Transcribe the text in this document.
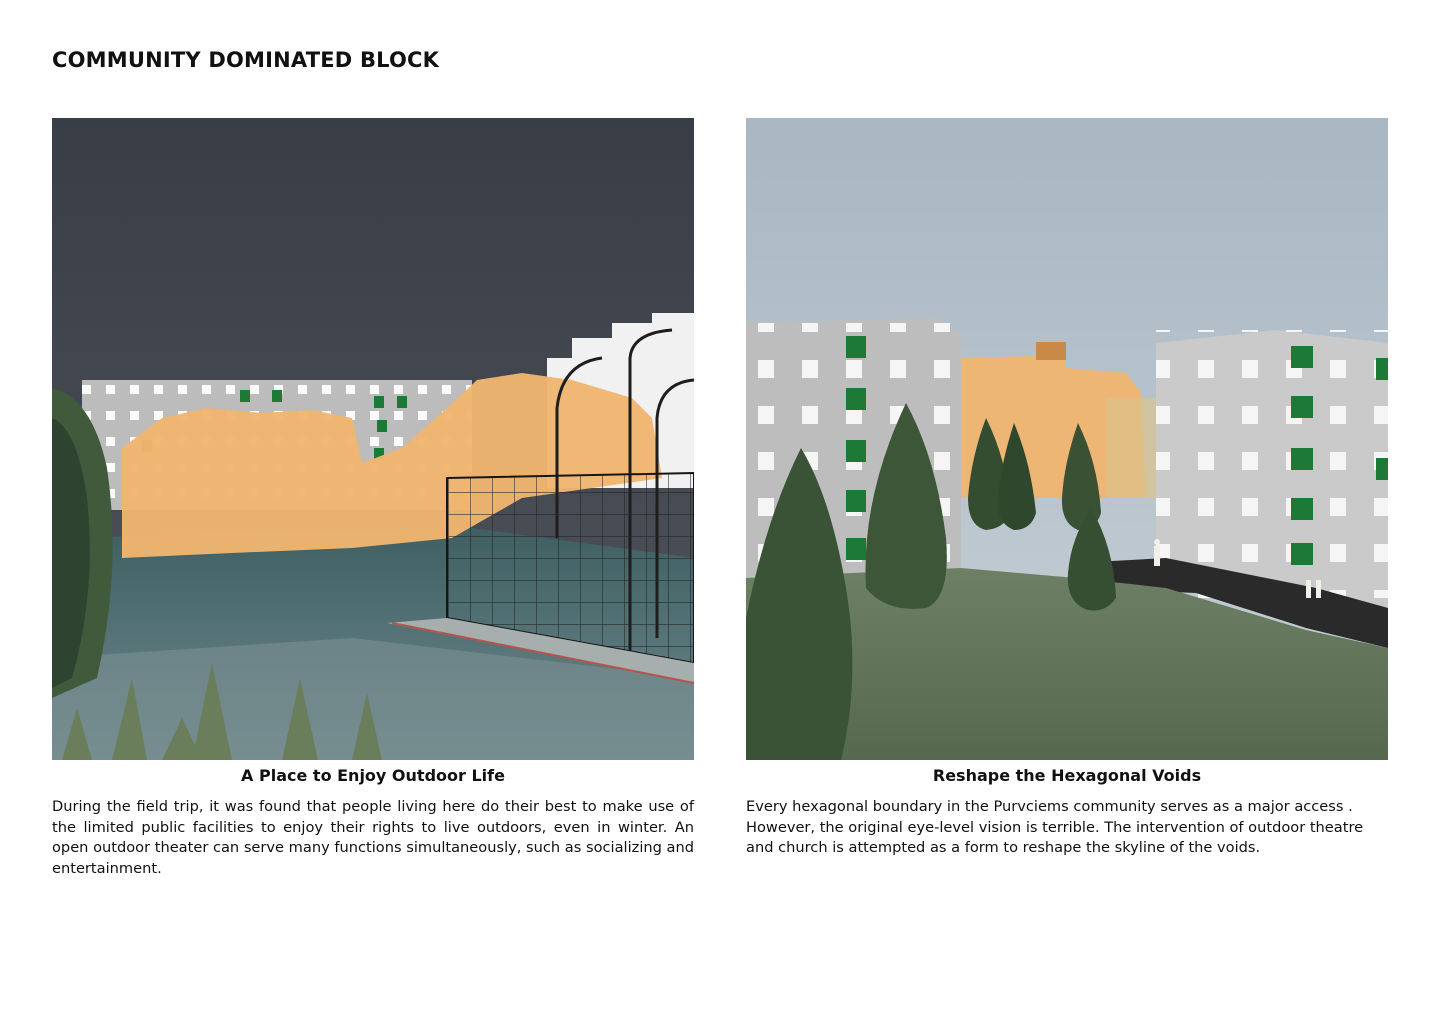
COMMUNITY DOMINATED BLOCK
A Place to Enjoy Outdoor Life
During the field trip, it was found that people living here do their best to make use of the limited public facilities to enjoy their rights to live outdoors, even in winter. An open outdoor theater can serve many functions simultaneously, such as socializing and entertainment.
Reshape the Hexagonal Voids
Every hexagonal boundary in the Purvciems community serves as a major access . However, the original eye-level vision is terrible. The intervention of outdoor theatre and church is attempted as a form to reshape the skyline of the voids.
